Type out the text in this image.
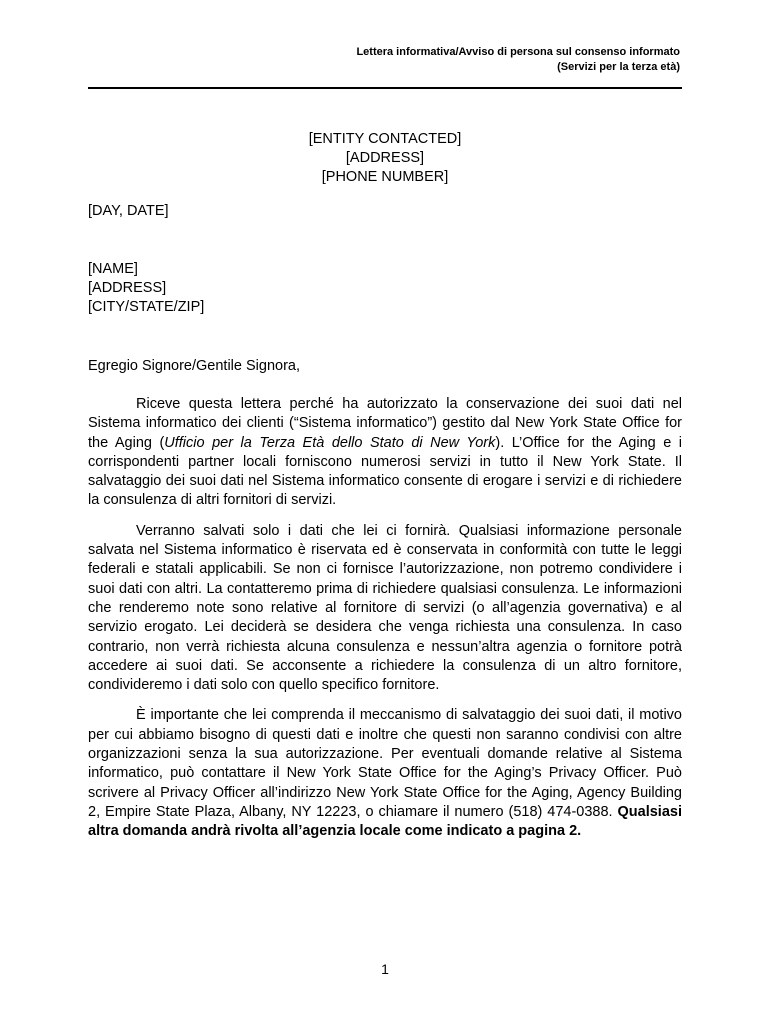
Lettera informativa/Avviso di persona sul consenso informato
(Servizi per la terza età)
[ENTITY CONTACTED]
[ADDRESS]
[PHONE NUMBER]
[DAY, DATE]
[NAME]
[ADDRESS]
[CITY/STATE/ZIP]
Egregio Signore/Gentile Signora,

Riceve questa lettera perché ha autorizzato la conservazione dei suoi dati nel Sistema informatico dei clienti (“Sistema informatico”) gestito dal New York State Office for the Aging (Ufficio per la Terza Età dello Stato di New York). L’Office for the Aging e i corrispondenti partner locali forniscono numerosi servizi in tutto il New York State. Il salvataggio dei suoi dati nel Sistema informatico consente di erogare i servizi e di richiedere la consulenza di altri fornitori di servizi.

Verranno salvati solo i dati che lei ci fornirà. Qualsiasi informazione personale salvata nel Sistema informatico è riservata ed è conservata in conformità con tutte le leggi federali e statali applicabili. Se non ci fornisce l’autorizzazione, non potremo condividere i suoi dati con altri. La contatteremo prima di richiedere qualsiasi consulenza. Le informazioni che renderemo note sono relative al fornitore di servizi (o all’agenzia governativa) e al servizio erogato. Lei deciderà se desidera che venga richiesta una consulenza. In caso contrario, non verrà richiesta alcuna consulenza e nessun’altra agenzia o fornitore potrà accedere ai suoi dati. Se acconsente a richiedere la consulenza di un altro fornitore, condivideremo i dati solo con quello specifico fornitore.

È importante che lei comprenda il meccanismo di salvataggio dei suoi dati, il motivo per cui abbiamo bisogno di questi dati e inoltre che questi non saranno condivisi con altre organizzazioni senza la sua autorizzazione. Per eventuali domande relative al Sistema informatico, può contattare il New York State Office for the Aging’s Privacy Officer. Può scrivere al Privacy Officer all’indirizzo New York State Office for the Aging, Agency Building 2, Empire State Plaza, Albany, NY 12223, o chiamare il numero (518) 474-0388. Qualsiasi altra domanda andrà rivolta all’agenzia locale come indicato a pagina 2.

1
